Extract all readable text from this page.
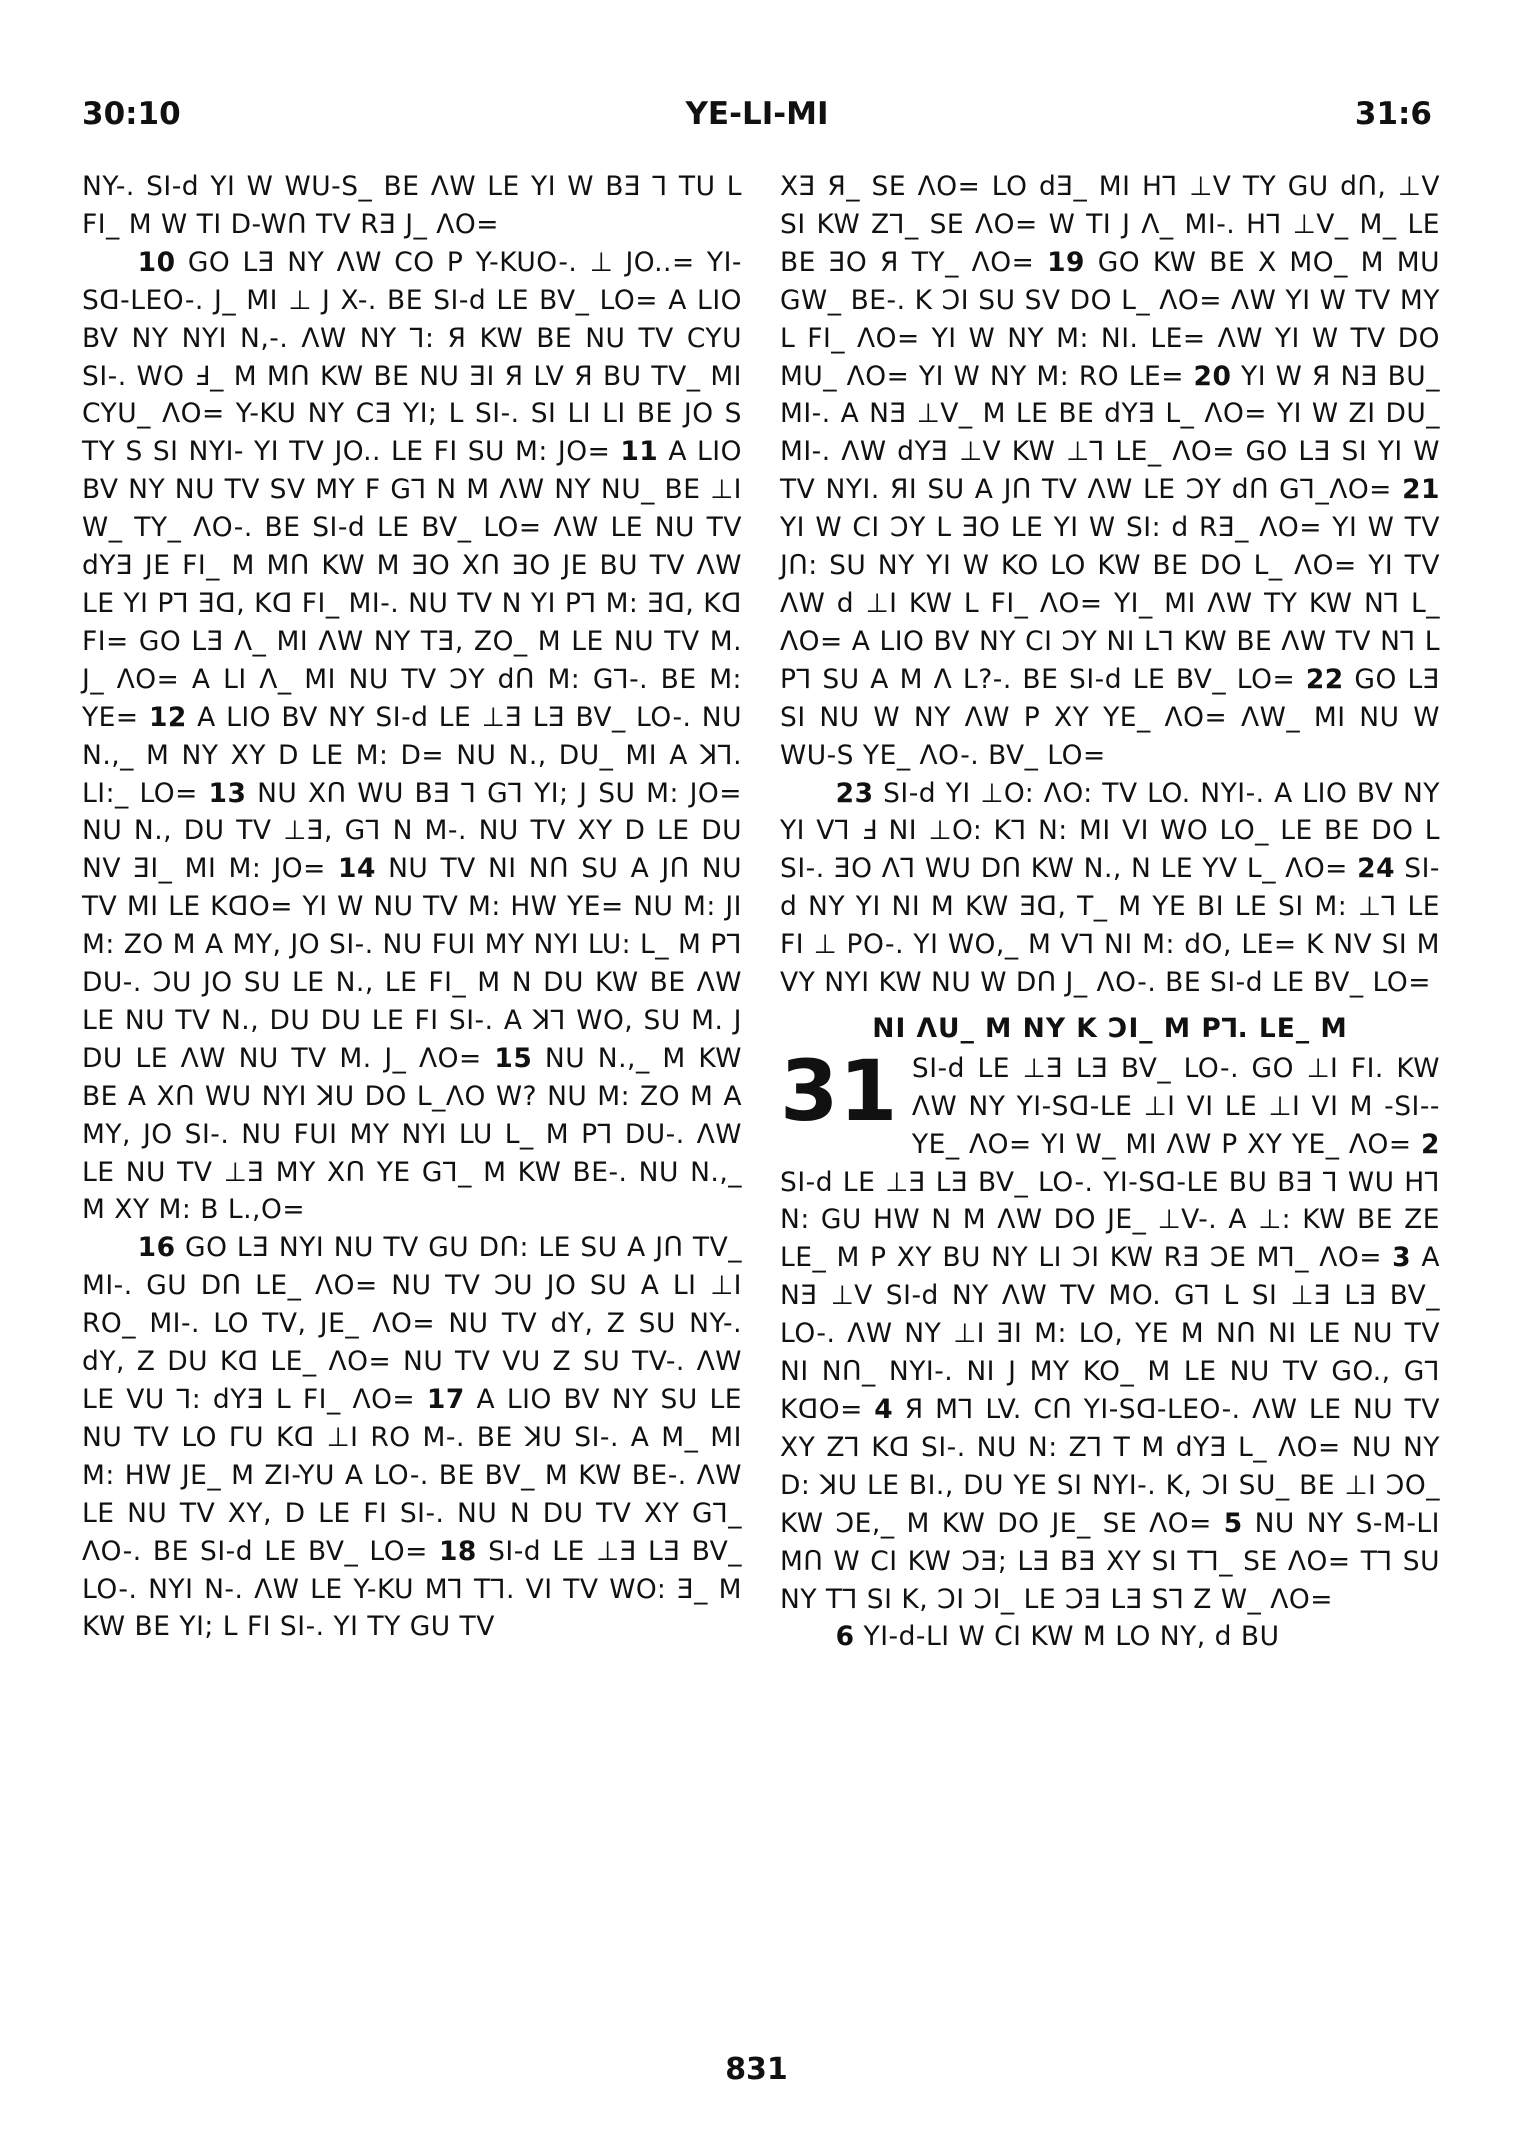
30:10	YE-LI-MI	31:6

NY-. SI-d YI W WU-S_ BE ΛW LE YI W BƎ ⅂ TU L FI_ M W TI D-WՈ TV RƎ J_ ΛO=

10 GO LƎ NY ΛW CO P Y-KUO-. ⊥ JO..= YI-Sᗡ-LEO-. J_ MI ⊥ J X-. BE SI-d LE BV_ LO= A LIO BV NY NYI N,-. ΛW NY ⅂: Я KW BE NU TV CYU SI-. WO Ⅎ_ M MՈ KW BE NU ƎI Я LV Я BU TV_ MI CYU_ ΛO= Y-KU NY CƎ YI; L SI-. SI LI LI BE JO S TY S SI NYI- YI TV JO.. LE FI SU M: JO= 11 A LIO BV NY NU TV SV MY F G⅂ N M ΛW NY NU_ BE ⊥I W_ TY_ ΛO-. BE SI-d LE BV_ LO= ΛW LE NU TV dYƎ JE FI_ M MՈ KW M ƎO XՈ ƎO JE BU TV ΛW LE YI P⅂ Ǝᗡ, Kᗡ FI_ MI-. NU TV N YI P⅂ M: Ǝᗡ, Kᗡ FI= GO LƎ Λ_ MI ΛW NY TƎ, ZO_ M LE NU TV M. J_ ΛO= A LI Λ_ MI NU TV ƆY dՈ M: G⅂-. BE M: YE= 12 A LIO BV NY SI-d LE ⊥Ǝ LƎ BV_ LO-. NU N.,_ M NY XY D LE M: D= NU N., DU_ MI A ꓘ⅂. LI:_ LO= 13 NU XՈ WU BƎ ⅂ G⅂ YI; J SU M: JO= NU N., DU TV ⊥Ǝ, G⅂ N M-. NU TV XY D LE DU NV ƎI_ MI M: JO= 14 NU TV NI NՈ SU A JՈ NU TV MI LE KᗡO= YI W NU TV M: HW YE= NU M: JI M: ZO M A MY, JO SI-. NU FUI MY NYI LU: L_ M P⅂ DU-. ƆU JO SU LE N., LE FI_ M N DU KW BE ΛW LE NU TV N., DU DU LE FI SI-. A ꓘ⅂ WO, SU M. J DU LE ΛW NU TV M. J_ ΛO= 15 NU N.,_ M KW BE A XՈ WU NYI ꓘU DO L_ΛO W? NU M: ZO M A MY, JO SI-. NU FUI MY NYI LU L_ M P⅂ DU-. ΛW LE NU TV ⊥Ǝ MY XՈ YE G⅂_ M KW BE-. NU N.,_ M XY M: B L.,O=

16 GO LƎ NYI NU TV GU DՈ: LE SU A JՈ TV_ MI-. GU DՈ LE_ ΛO= NU TV ƆU JO SU A LI ⊥I RO_ MI-. LO TV, JE_ ΛO= NU TV dY, Z SU NY-. dY, Z DU Kᗡ LE_ ΛO= NU TV VU Z SU TV-. ΛW LE VU ⅂: dYƎ L FI_ ΛO= 17 A LIO BV NY SU LE NU TV LO ᒥU Kᗡ ⊥I RO M-. BE ꓘU SI-. A M_ MI M: HW JE_ M ZI-YU A LO-. BE BV_ M KW BE-. ΛW LE NU TV XY, D LE FI SI-. NU N DU TV XY G⅂_ ΛO-. BE SI-d LE BV_ LO= 18 SI-d LE ⊥Ǝ LƎ BV_ LO-. NYI N-. ΛW LE Y-KU M⅂ T⅂. VI TV WO: Ǝ_ M KW BE YI; L FI SI-. YI TY GU TV

XƎ Я_ SE ΛO= LO dƎ_ MI H⅂ ⊥V TY GU dՈ, ⊥V SI KW Z⅂_ SE ΛO= W TI J Λ_ MI-. H⅂ ⊥V_ M_ LE BE ƎO Я TY_ ΛO= 19 GO KW BE X MO_ M MU GW_ BE-. K ƆI SU SV DO L_ ΛO= ΛW YI W TV MY L FI_ ΛO= YI W NY M: NI. LE= ΛW YI W TV DO MU_ ΛO= YI W NY M: RO LE= 20 YI W Я NƎ BU_ MI-. A NƎ ⊥V_ M LE BE dYƎ L_ ΛO= YI W ZI DU_ MI-. ΛW dYƎ ⊥V KW ⊥⅂ LE_ ΛO= GO LƎ SI YI W TV NYI. ЯI SU A JՈ TV ΛW LE ƆY dՈ G⅂_ΛO= 21 YI W CI ƆY L ƎO LE YI W SI: d RƎ_ ΛO= YI W TV JՈ: SU NY YI W KO LO KW BE DO L_ ΛO= YI TV ΛW d ⊥I KW L FI_ ΛO= YI_ MI ΛW TY KW N⅂ L_ ΛO= A LIO BV NY CI ƆY NI L⅂ KW BE ΛW TV N⅂ L P⅂ SU A M Λ L?-. BE SI-d LE BV_ LO= 22 GO LƎ SI NU W NY ΛW P XY YE_ ΛO= ΛW_ MI NU W WU-S YE_ ΛO-. BV_ LO=

23 SI-d YI ⊥O: ΛO: TV LO. NYI-. A LIO BV NY YI V⅂ Ⅎ NI ⊥O: K⅂ N: MI VI WO LO_ LE BE DO L SI-. ƎO Λ⅂ WU DՈ KW N., N LE YV L_ ΛO= 24 SI-d NY YI NI M KW Ǝᗡ, T_ M YE BI LE SI M: ⊥⅂ LE FI ⊥ PO-. YI WO,_ M V⅂ NI M: dO, LE= K NV SI M VY NYI KW NU W DՈ J_ ΛO-. BE SI-d LE BV_ LO=

NI ΛU_ M NY K ƆI_ M P⅂. LE_ M

31 SI-d LE ⊥Ǝ LƎ BV_ LO-. GO ⊥I FI. KW ΛW NY YI-Sᗡ-LE ⊥I VI LE ⊥I VI M -SI-- YE_ ΛO= YI W_ MI ΛW P XY YE_ ΛO= 2 SI-d LE ⊥Ǝ LƎ BV_ LO-. YI-Sᗡ-LE BU BƎ ⅂ WU H⅂ N: GU HW N M ΛW DO JE_ ⊥V-. A ⊥: KW BE ZE LE_ M P XY BU NY LI ƆI KW RƎ ƆE M⅂_ ΛO= 3 A NƎ ⊥V SI-d NY ΛW TV MO. G⅂ L SI ⊥Ǝ LƎ BV_ LO-. ΛW NY ⊥I ƎI M: LO, YE M NՈ NI LE NU TV NI NՈ_ NYI-. NI J MY KO_ M LE NU TV GO., G⅂ KᗡO= 4 Я M⅂ LV. CՈ YI-Sᗡ-LEO-. ΛW LE NU TV XY Z⅂ Kᗡ SI-. NU N: Z⅂ T M dYƎ L_ ΛO= NU NY D: ꓘU LE BI., DU YE SI NYI-. K, ƆI SU_ BE ⊥I ƆO_ KW ƆE,_ M KW DO JE_ SE ΛO= 5 NU NY S-M-LI MՈ W CI KW ƆƎ; LƎ BƎ XY SI T⅂_ SE ΛO= T⅂ SU NY T⅂ SI K, ƆI ƆI_ LE ƆƎ LƎ S⅂ Z W_ ΛO=

6 YI-d-LI W CI KW M LO NY, d BU

831
